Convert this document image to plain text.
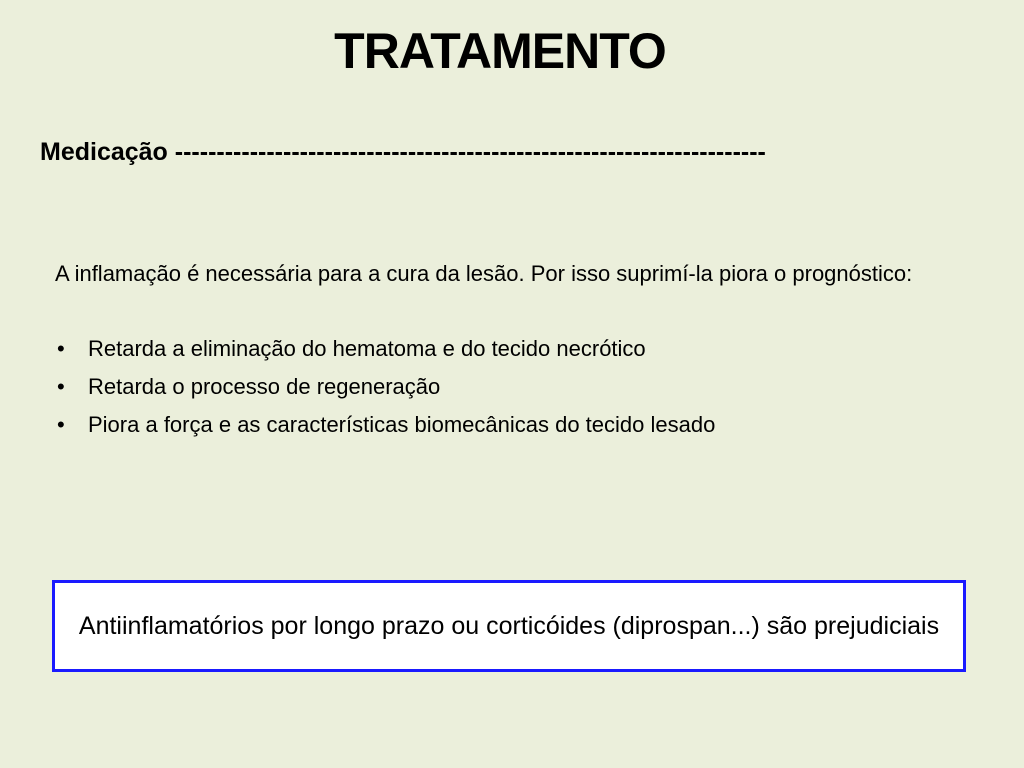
TRATAMENTO
Medicação -----------------------------------------------------------------------

A inflamação é necessária para a cura da lesão. Por isso suprimí-la piora o prognóstico:

• Retarda a eliminação do hematoma e do tecido necrótico
• Retarda o processo de regeneração
• Piora a força e as características biomecânicas do tecido lesado
Antiinflamatórios por longo prazo ou corticóides (diprospan...) são prejudiciais
